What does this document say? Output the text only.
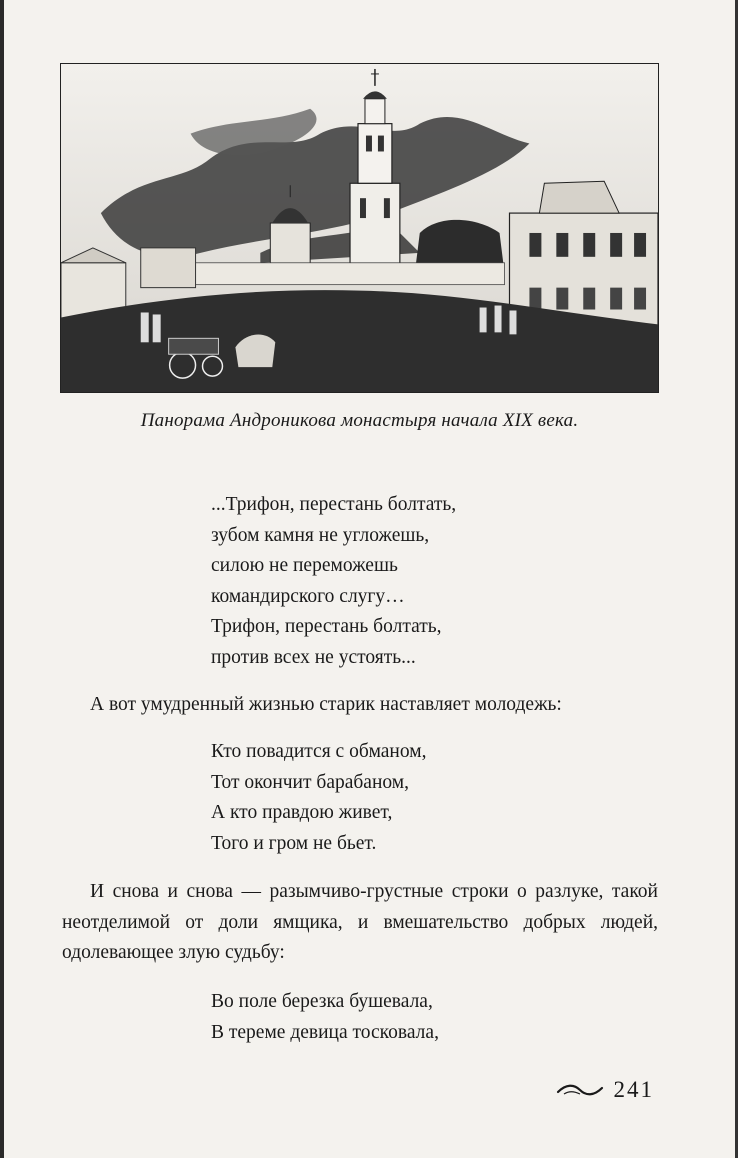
Панорама Андроникова монастыря начала XIX века.
...Трифон, перестань болтать,
зубом камня не угложешь,
силою не переможешь
командирского слугу…
Трифон, перестань болтать,
против всех не устоять...
А вот умудренный жизнью старик наставляет молодежь:
Кто повадится с обманом,
Тот окончит барабаном,
А кто правдою живет,
Того и гром не бьет.
И снова и снова — разымчиво-грустные строки о разлуке, такой неотделимой от доли ямщика, и вмешательство добрых людей, одолевающее злую судьбу:
Во поле березка бушевала,
В тереме девица тосковала,
241
